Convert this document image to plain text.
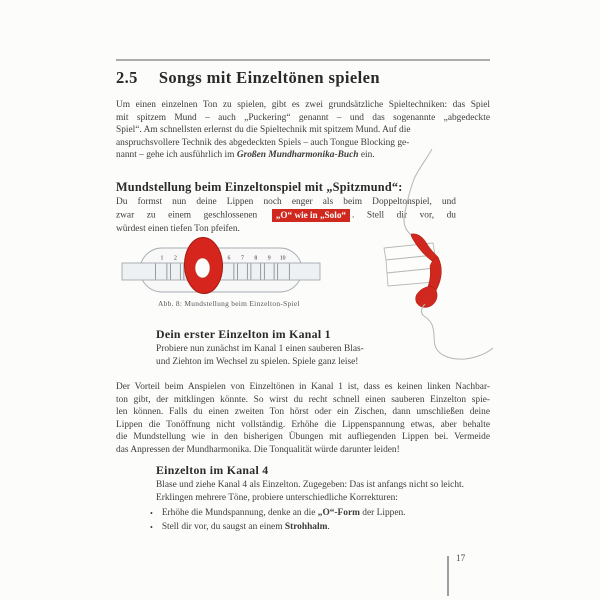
2.5 Songs mit Einzeltönen spielen
Um einen einzelnen Ton zu spielen, gibt es zwei grundsätzliche Spieltechniken: das Spiel
mit spitzem Mund – auch „Puckering“ genannt – und das sogenannte „abgedeckte
Spiel“. Am schnellsten erlernst du die Spieltechnik mit spitzem Mund. Auf die
anspruchsvollere Technik des abgedeckten Spiels – auch Tongue Blocking ge-
nannt – gehe ich ausführlich im Großen Mundharmonika-Buch ein.
Mundstellung beim Einzeltonspiel mit „Spitzmund“:
Du formst nun deine Lippen noch enger als beim Doppeltonspiel, und
zwar zu einem geschlossenen „O“ wie in „Solo“ . Stell dir vor, du
würdest einen tiefen Ton pfeifen.
1 2	6 7 8 9 10
Abb. 8: Mundstellung beim Einzelton-Spiel
Dein erster Einzelton im Kanal 1
Probiere nun zunächst im Kanal 1 einen sauberen Blas-
und Ziehton im Wechsel zu spielen. Spiele ganz leise!
Der Vorteil beim Anspielen von Einzeltönen in Kanal 1 ist, dass es keinen linken Nachbar-
ton gibt, der mitklingen könnte. So wirst du recht schnell einen sauberen Einzelton spie-
len können. Falls du einen zweiten Ton hörst oder ein Zischen, dann umschließen deine
Lippen die Tonöffnung nicht vollständig. Erhöhe die Lippenspannung etwas, aber behalte
die Mundstellung wie in den bisherigen Übungen mit aufliegenden Lippen bei. Vermeide
das Anpressen der Mundharmonika. Die Tonqualität würde darunter leiden!
Einzelton im Kanal 4
Blase und ziehe Kanal 4 als Einzelton. Zugegeben: Das ist anfangs nicht so leicht.
Erklingen mehrere Töne, probiere unterschiedliche Korrekturen:
•
Erhöhe die Mundspannung, denke an die „O“-Form der Lippen.
•
Stell dir vor, du saugst an einem Strohhalm.
17
